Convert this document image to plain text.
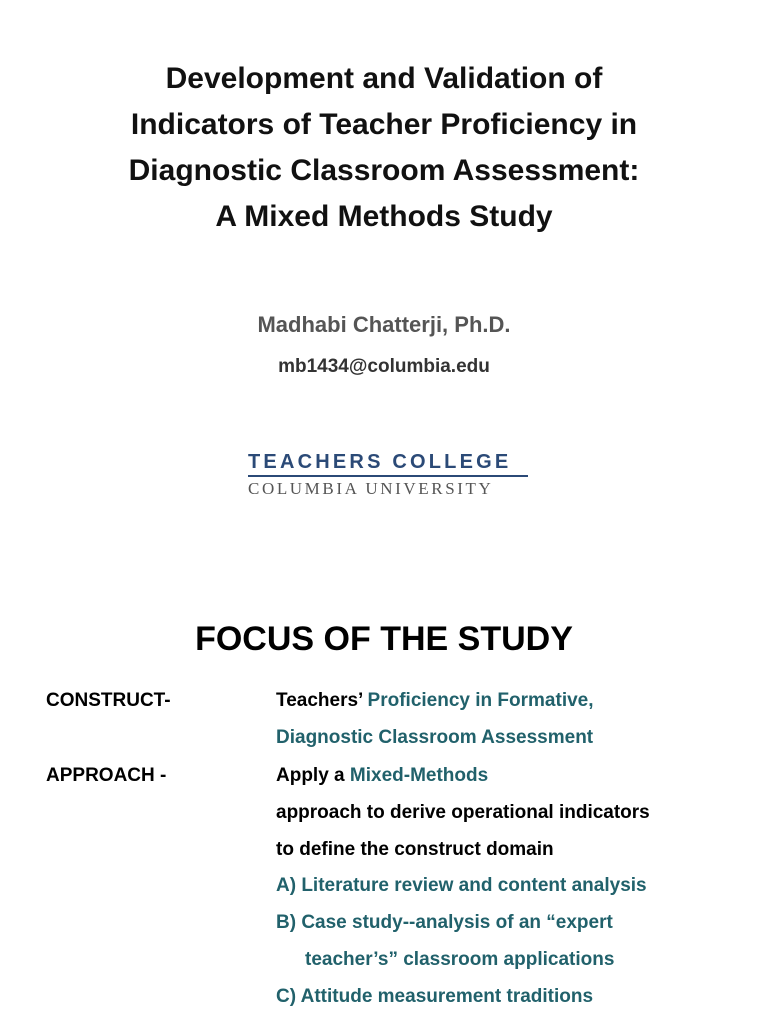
Development and Validation of
Indicators of Teacher Proficiency in
Diagnostic Classroom Assessment:
A Mixed Methods Study
Madhabi Chatterji, Ph.D.
mb1434@columbia.edu
TEACHERS COLLEGE
COLUMBIA UNIVERSITY
FOCUS OF THE STUDY
CONSTRUCT-	Teachers’ Proficiency in Formative,
Diagnostic Classroom Assessment
APPROACH -	Apply a Mixed-Methods
approach to derive operational indicators
to define the construct domain
A) Literature review and content analysis
B) Case study--analysis of an “expert
teacher’s” classroom applications
C) Attitude measurement traditions
